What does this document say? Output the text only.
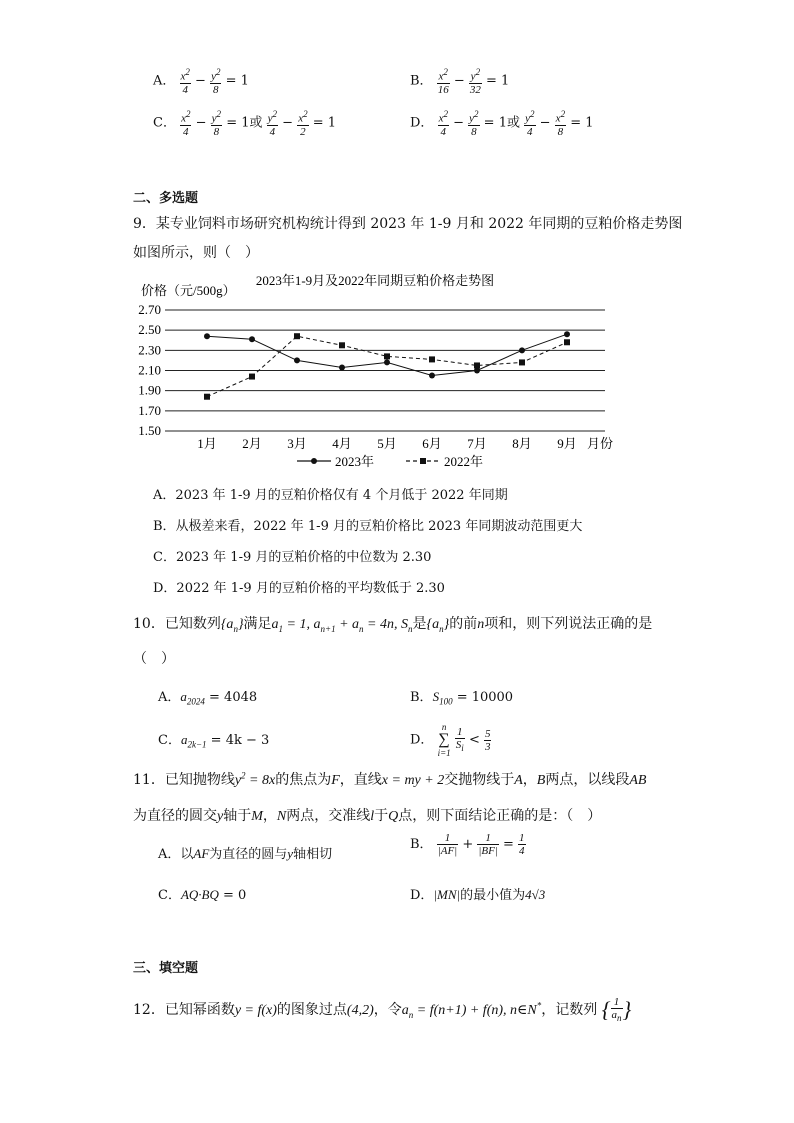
A． $\frac{x^2}{4} - \frac{y^2}{8} = 1$	B． $\frac{x^2}{16} - \frac{y^2}{32} = 1$
C． $\frac{x^2}{4} - \frac{y^2}{8} = 1$或 $\frac{y^2}{4} - \frac{x^2}{2} = 1$	D． $\frac{x^2}{4} - \frac{y^2}{8} = 1$或 $\frac{y^2}{4} - \frac{x^2}{8} = 1$
二、多选题
9．某专业饲料市场研究机构统计得到 2023 年 1-9 月和 2022 年同期的豆粕价格走势图
如图所示，则（　）
2023年1-9月及2022年同期豆粕价格走势图
价格（元/500g）
1.50
1.70
1.90
2.10
2.30
2.50
2.70
1月 2月 3月 4月 5月 6月 7月 8月 9月 月份
2023年	2022年
A．2023 年 1-9 月的豆粕价格仅有 4 个月低于 2022 年同期
B．从极差来看，2022 年 1-9 月的豆粕价格比 2023 年同期波动范围更大
C．2023 年 1-9 月的豆粕价格的中位数为 2.30
D．2022 年 1-9 月的豆粕价格的平均数低于 2.30
10．已知数列$\{a_n\}$满足$a_1 = 1$, $a_{n+1} + a_n = 4n$, $S_n$是$\{a_n\}$的前n项和，则下列说法正确的是
（　）
A．$a_{2024} = 4048$	B．$S_{100} = 10000$
C．$a_{2k-1} = 4k - 3$	D． n
∑
$i=1 \frac{1}{S_i} < \frac{5}{3}$
11．已知抛物线$y^2 = 8x$的焦点为F，直线x = my + 2交抛物线于A，B两点，以线段AB
为直径的圆交y轴于M，N两点，交准线l于Q点，则下面结论正确的是：（　）
A．以AF为直径的圆与y轴相切
B． $\frac{1}{|AF|} + \frac{1}{|BF|} = \frac{1}{4}$
C．AQ·BQ = 0	D．|MN|的最小值为4√3
三、填空题
12．已知幂函数y = f(x)的图象过点(4,2)，令$a_n = f(n+1) + f(n)$, n∈N*，记数列 { $\frac{1}{a_n}$ }
